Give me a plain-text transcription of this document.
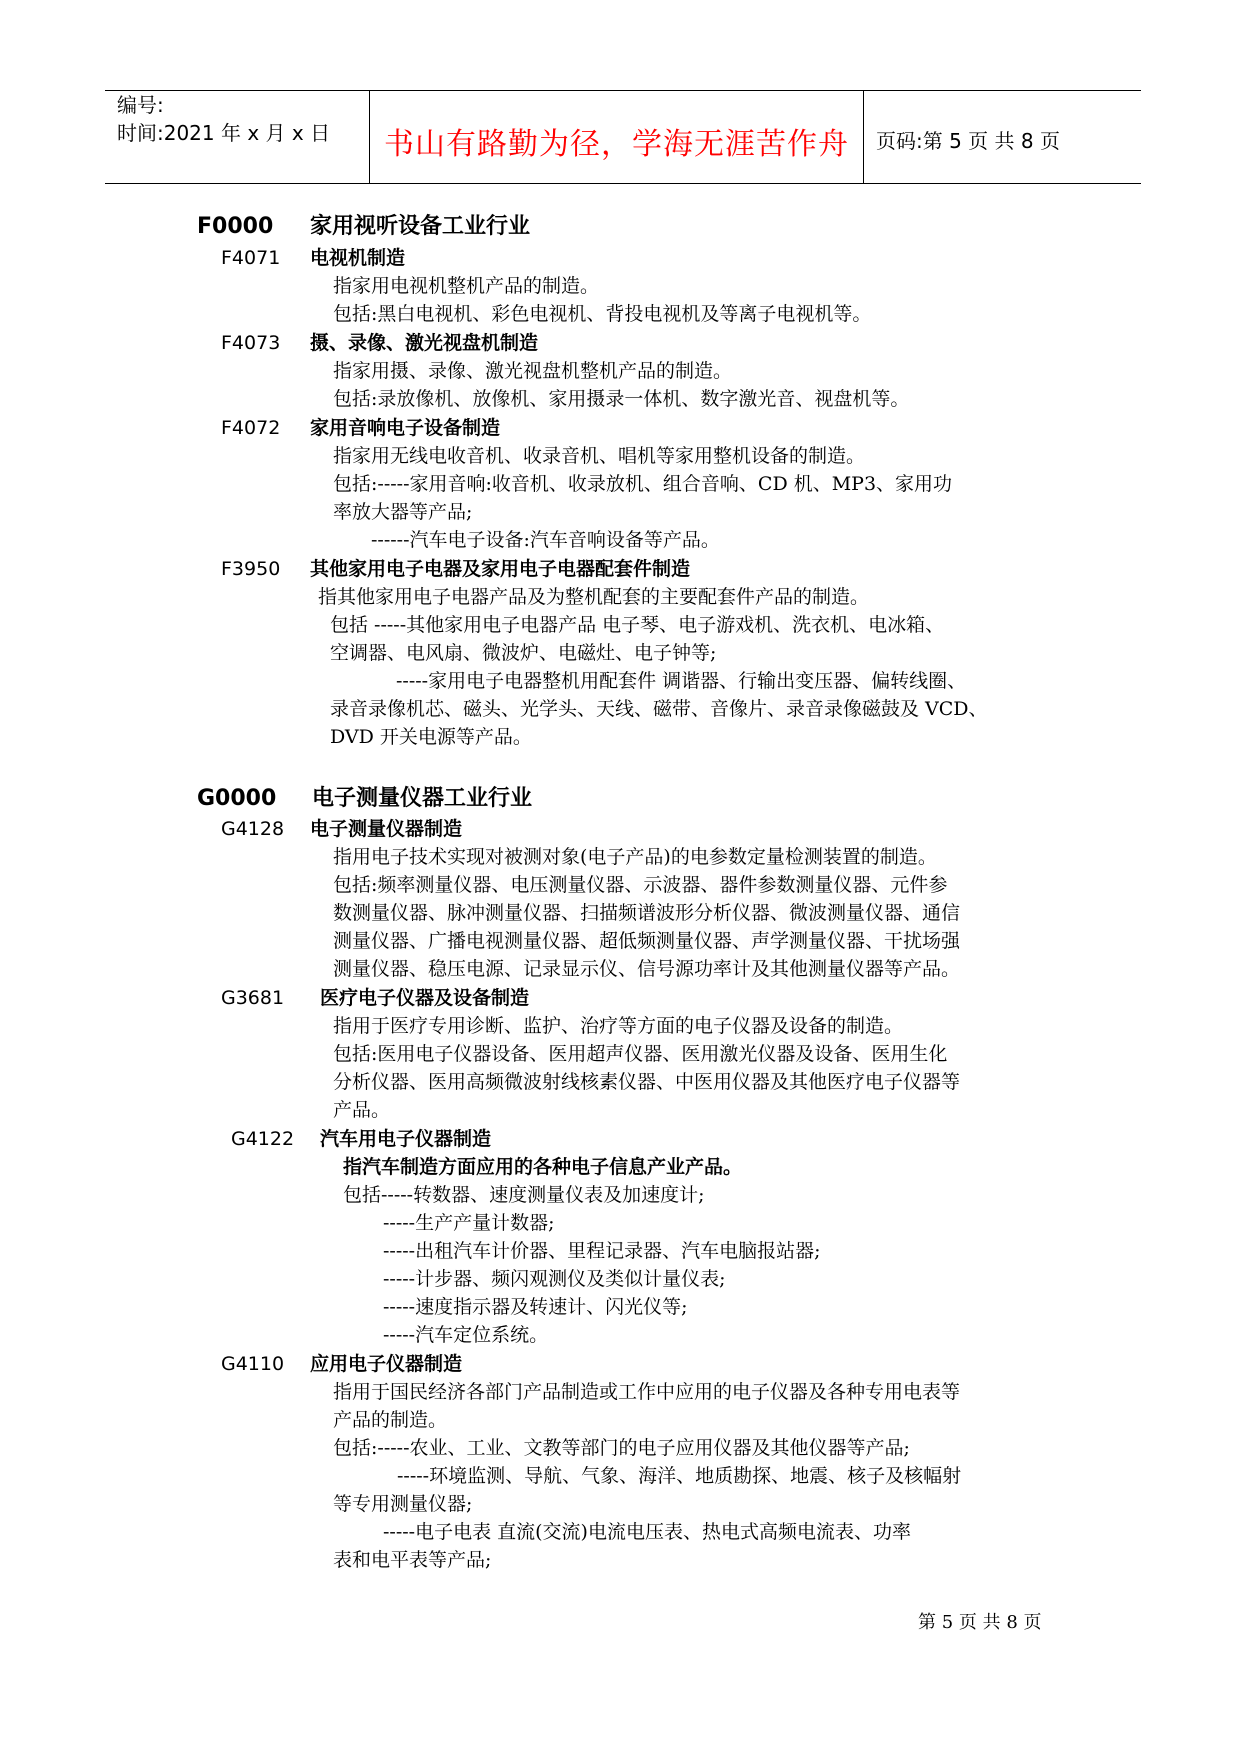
编号:
时间:2021 年 x 月 x 日	书山有路勤为径，学海无涯苦作舟	页码:第 5 页 共 8 页
F0000 家用视听设备工业行业
F4071 电视机制造
指家用电视机整机产品的制造。
包括:黑白电视机、彩色电视机、背投电视机及等离子电视机等。
F4073 摄、录像、激光视盘机制造
指家用摄、录像、激光视盘机整机产品的制造。
包括:录放像机、放像机、家用摄录一体机、数字激光音、视盘机等。
F4072 家用音响电子设备制造
指家用无线电收音机、收录音机、唱机等家用整机设备的制造。
包括:-----家用音响:收音机、收录放机、组合音响、CD 机、MP3、家用功
率放大器等产品;
------汽车电子设备:汽车音响设备等产品。
F3950 其他家用电子电器及家用电子电器配套件制造
指其他家用电子电器产品及为整机配套的主要配套件产品的制造。
包括 -----其他家用电子电器产品 电子琴、电子游戏机、洗衣机、电冰箱、
空调器、电风扇、微波炉、电磁灶、电子钟等;
-----家用电子电器整机用配套件 调谐器、行输出变压器、偏转线圈、
录音录像机芯、磁头、光学头、天线、磁带、音像片、录音录像磁鼓及 VCD、
DVD 开关电源等产品。
G0000 电子测量仪器工业行业
G4128 电子测量仪器制造
指用电子技术实现对被测对象(电子产品)的电参数定量检测装置的制造。
包括:频率测量仪器、电压测量仪器、示波器、器件参数测量仪器、元件参
数测量仪器、脉冲测量仪器、扫描频谱波形分析仪器、微波测量仪器、通信
测量仪器、广播电视测量仪器、超低频测量仪器、声学测量仪器、干扰场强
测量仪器、稳压电源、记录显示仪、信号源功率计及其他测量仪器等产品。
G3681 医疗电子仪器及设备制造
指用于医疗专用诊断、监护、治疗等方面的电子仪器及设备的制造。
包括:医用电子仪器设备、医用超声仪器、医用激光仪器及设备、医用生化
分析仪器、医用高频微波射线核素仪器、中医用仪器及其他医疗电子仪器等
产品。
G4122 汽车用电子仪器制造
指汽车制造方面应用的各种电子信息产业产品。
包括-----转数器、速度测量仪表及加速度计;
-----生产产量计数器;
-----出租汽车计价器、里程记录器、汽车电脑报站器;
-----计步器、频闪观测仪及类似计量仪表;
-----速度指示器及转速计、闪光仪等;
-----汽车定位系统。
G4110 应用电子仪器制造
指用于国民经济各部门产品制造或工作中应用的电子仪器及各种专用电表等
产品的制造。
包括:-----农业、工业、文教等部门的电子应用仪器及其他仪器等产品;
-----环境监测、导航、气象、海洋、地质勘探、地震、核子及核幅射
等专用测量仪器;
-----电子电表 直流(交流)电流电压表、热电式高频电流表、功率
表和电平表等产品;
第 5 页 共 8 页
